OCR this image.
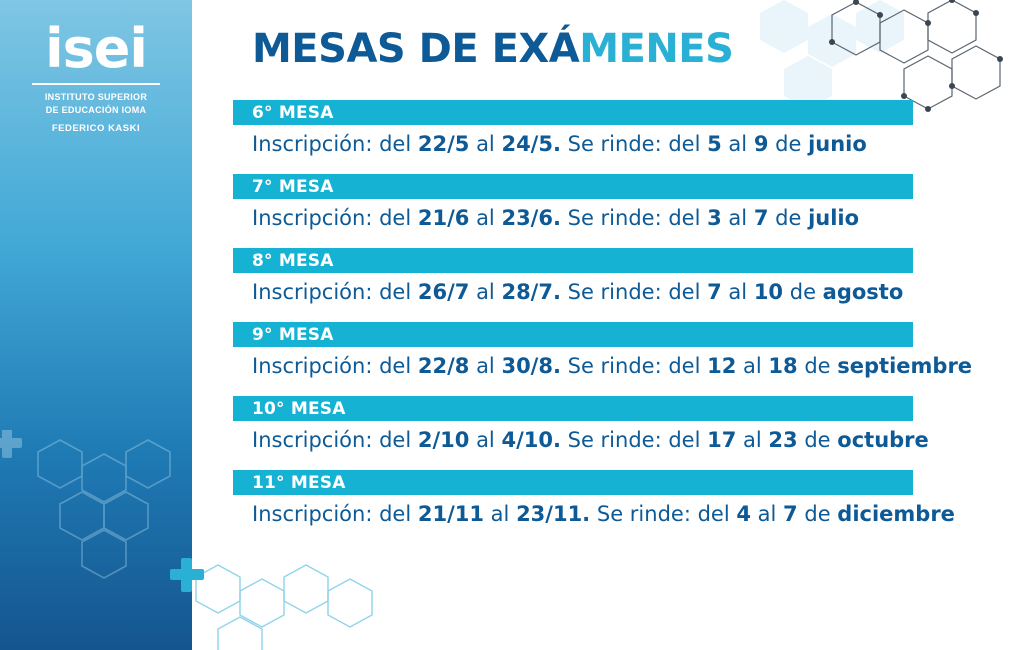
isei
INSTITUTO SUPERIOR
DE EDUCACIÓN IOMA
FEDERICO KASKI
MESAS DE EXÁMENES
6° MESA
Inscripción: del 22/5 al 24/5. Se rinde: del 5 al 9 de junio
7° MESA
Inscripción: del 21/6 al 23/6. Se rinde: del 3 al 7 de julio
8° MESA
Inscripción: del 26/7 al 28/7. Se rinde: del 7 al 10 de agosto
9° MESA
Inscripción: del 22/8 al 30/8. Se rinde: del 12 al 18 de septiembre
10° MESA
Inscripción: del 2/10 al 4/10. Se rinde: del 17 al 23 de octubre
11° MESA
Inscripción: del 21/11 al 23/11. Se rinde: del 4 al 7 de diciembre
